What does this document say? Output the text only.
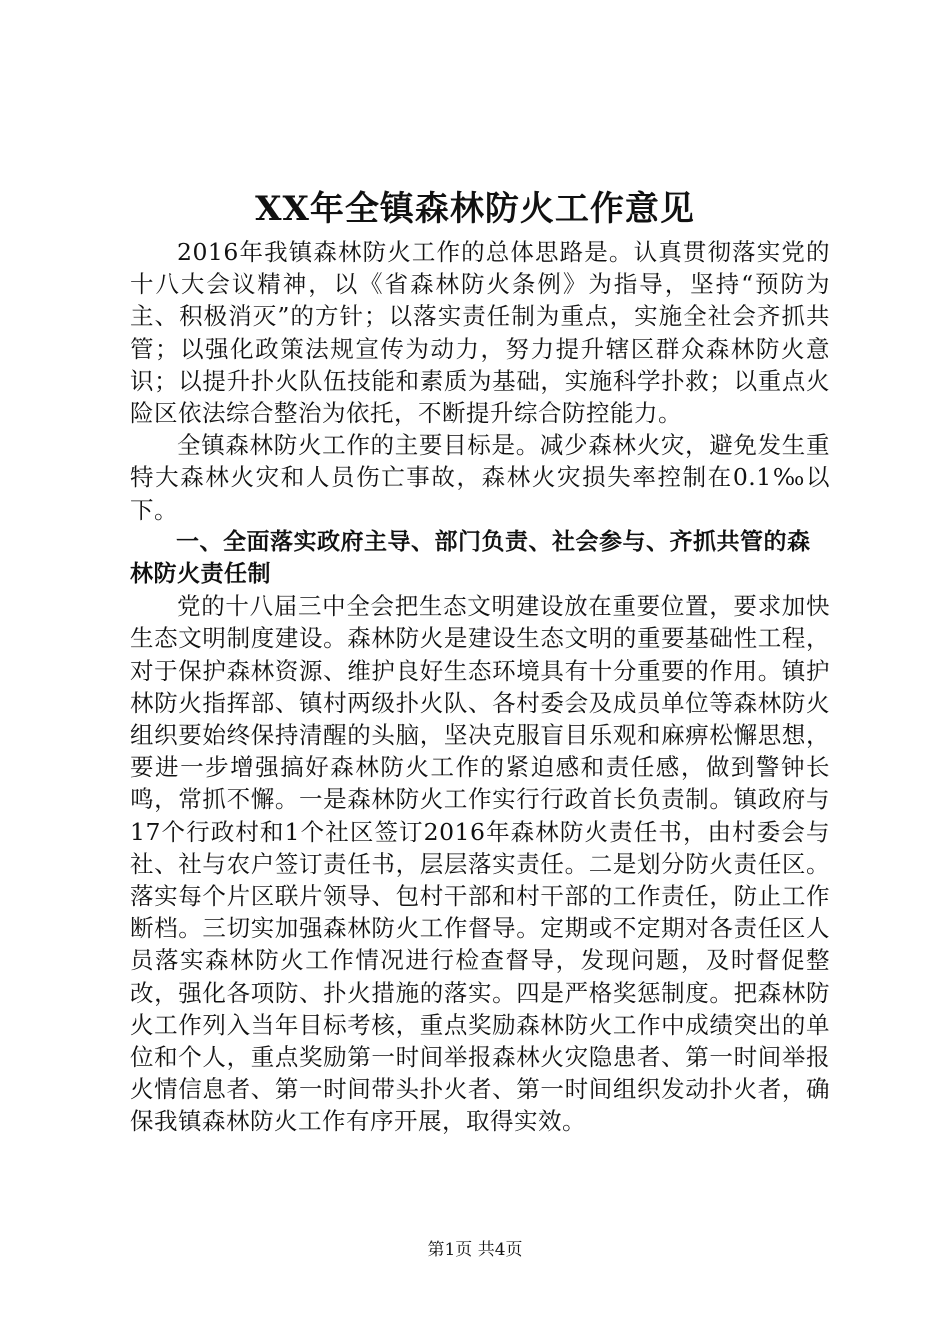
XX年全镇森林防火工作意见

2016年我镇森林防火工作的总体思路是。认真贯彻落实党的十八大会议精神，以《省森林防火条例》为指导，坚持“预防为主、积极消灭”的方针；以落实责任制为重点，实施全社会齐抓共管；以强化政策法规宣传为动力，努力提升辖区群众森林防火意识；以提升扑火队伍技能和素质为基础，实施科学扑救；以重点火险区依法综合整治为依托，不断提升综合防控能力。

全镇森林防火工作的主要目标是。减少森林火灾，避免发生重特大森林火灾和人员伤亡事故，森林火灾损失率控制在0.1‰以下。

一、全面落实政府主导、部门负责、社会参与、齐抓共管的森林防火责任制

党的十八届三中全会把生态文明建设放在重要位置，要求加快生态文明制度建设。森林防火是建设生态文明的重要基础性工程，对于保护森林资源、维护良好生态环境具有十分重要的作用。镇护林防火指挥部、镇村两级扑火队、各村委会及成员单位等森林防火组织要始终保持清醒的头脑，坚决克服盲目乐观和麻痹松懈思想，要进一步增强搞好森林防火工作的紧迫感和责任感，做到警钟长鸣，常抓不懈。一是森林防火工作实行行政首长负责制。镇政府与17个行政村和1个社区签订2016年森林防火责任书，由村委会与社、社与农户签订责任书，层层落实责任。二是划分防火责任区。落实每个片区联片领导、包村干部和村干部的工作责任，防止工作断档。三切实加强森林防火工作督导。定期或不定期对各责任区人员落实森林防火工作情况进行检查督导，发现问题，及时督促整改，强化各项防、扑火措施的落实。四是严格奖惩制度。把森林防火工作列入当年目标考核，重点奖励森林防火工作中成绩突出的单位和个人，重点奖励第一时间举报森林火灾隐患者、第一时间举报火情信息者、第一时间带头扑火者、第一时间组织发动扑火者，确保我镇森林防火工作有序开展，取得实效。

第1页 共4页
